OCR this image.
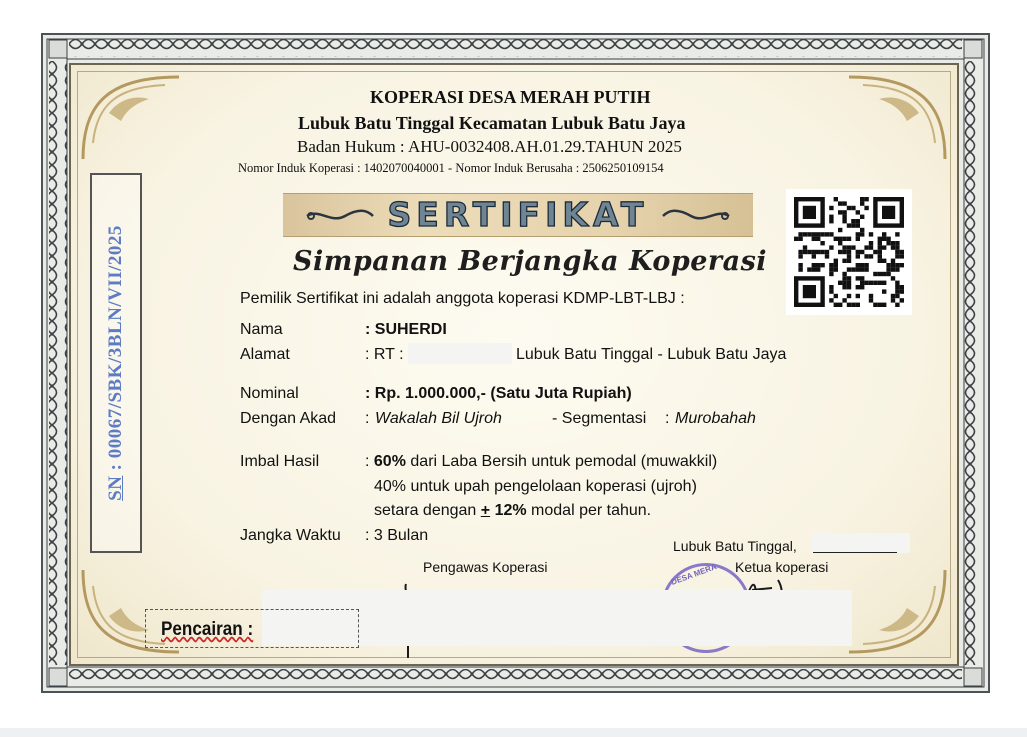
KOPERASI DESA MERAH PUTIH
Lubuk Batu Tinggal Kecamatan Lubuk Batu Jaya
Badan Hukum : AHU-0032408.AH.01.29.TAHUN 2025
Nomor Induk Koperasi : 1402070040001 - Nomor Induk Berusaha : 2506250109154
SERTIFIKAT
Simpanan Berjangka Koperasi
Pemilik Sertifikat ini adalah anggota koperasi KDMP-LBT-LBJ :
Nama	: SUHERDI
Alamat	: RT :	Lubuk Batu Tinggal - Lubuk Batu Jaya
Nominal	: Rp. 1.000.000,- (Satu Juta Rupiah)
Dengan Akad : Wakalah Bil Ujroh	- Segmentasi : Murobahah
Imbal Hasil	: 60% dari Laba Bersih untuk pemodal (muwakkil)
40% untuk upah pengelolaan koperasi (ujroh)
setara dengan + 12% modal per tahun.
Jangka Waktu : 3 Bulan
Lubuk Batu Tinggal,
Pengawas Koperasi	Ketua koperasi
DESA MERA
SN : 00067/SBK/3BLN/VII/2025
Pencairan :
